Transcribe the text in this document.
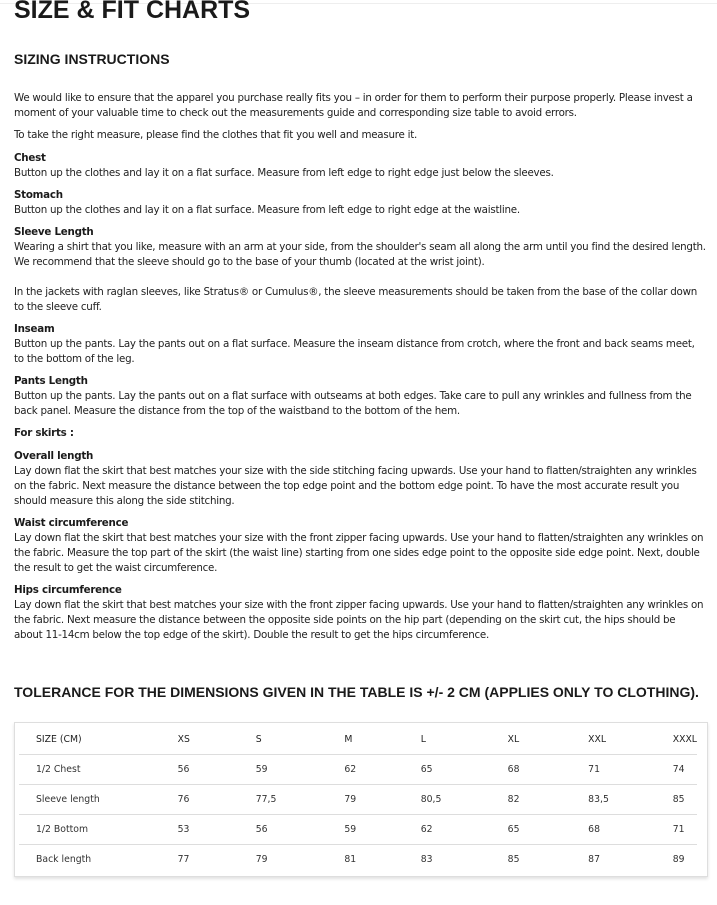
SIZE & FIT CHARTS
SIZING INSTRUCTIONS

We would like to ensure that the apparel you purchase really fits you – in order for them to perform their purpose properly. Please invest a moment of your valuable time to check out the measurements guide and corresponding size table to avoid errors.

To take the right measure, please find the clothes that fit you well and measure it.

Chest
Button up the clothes and lay it on a flat surface. Measure from left edge to right edge just below the sleeves.
Stomach
Button up the clothes and lay it on a flat surface. Measure from left edge to right edge at the waistline.
Sleeve Length
Wearing a shirt that you like, measure with an arm at your side, from the shoulder's seam all along the arm until you find the desired length. We recommend that the sleeve should go to the base of your thumb (located at the wrist joint).

In the jackets with raglan sleeves, like Stratus® or Cumulus®, the sleeve measurements should be taken from the base of the collar down to the sleeve cuff.

Inseam
Button up the pants. Lay the pants out on a flat surface. Measure the inseam distance from crotch, where the front and back seams meet, to the bottom of the leg.
Pants Length
Button up the pants. Lay the pants out on a flat surface with outseams at both edges. Take care to pull any wrinkles and fullness from the back panel. Measure the distance from the top of the waistband to the bottom of the hem.
For skirts :
Overall length
Lay down flat the skirt that best matches your size with the side stitching facing upwards. Use your hand to flatten/straighten any wrinkles on the fabric. Next measure the distance between the top edge point and the bottom edge point. To have the most accurate result you should measure this along the side stitching.
Waist circumference
Lay down flat the skirt that best matches your size with the front zipper facing upwards. Use your hand to flatten/straighten any wrinkles on the fabric. Measure the top part of the skirt (the waist line) starting from one sides edge point to the opposite side edge point. Next, double the result to get the waist circumference.
Hips circumference
Lay down flat the skirt that best matches your size with the front zipper facing upwards. Use your hand to flatten/straighten any wrinkles on the fabric. Next measure the distance between the opposite side points on the hip part (depending on the skirt cut, the hips should be about 11-14cm below the top edge of the skirt). Double the result to get the hips circumference.
TOLERANCE FOR THE DIMENSIONS GIVEN IN THE TABLE IS +/- 2 CM (APPLIES ONLY TO CLOTHING).
SIZE (CM)	XS	S	M	L	XL	XXL	XXXL
1/2 Chest	56	59	62	65	68	71	74
Sleeve length	76	77,5	79	80,5	82	83,5	85
1/2 Bottom	53	56	59	62	65	68	71
Back length	77	79	81	83	85	87	89
